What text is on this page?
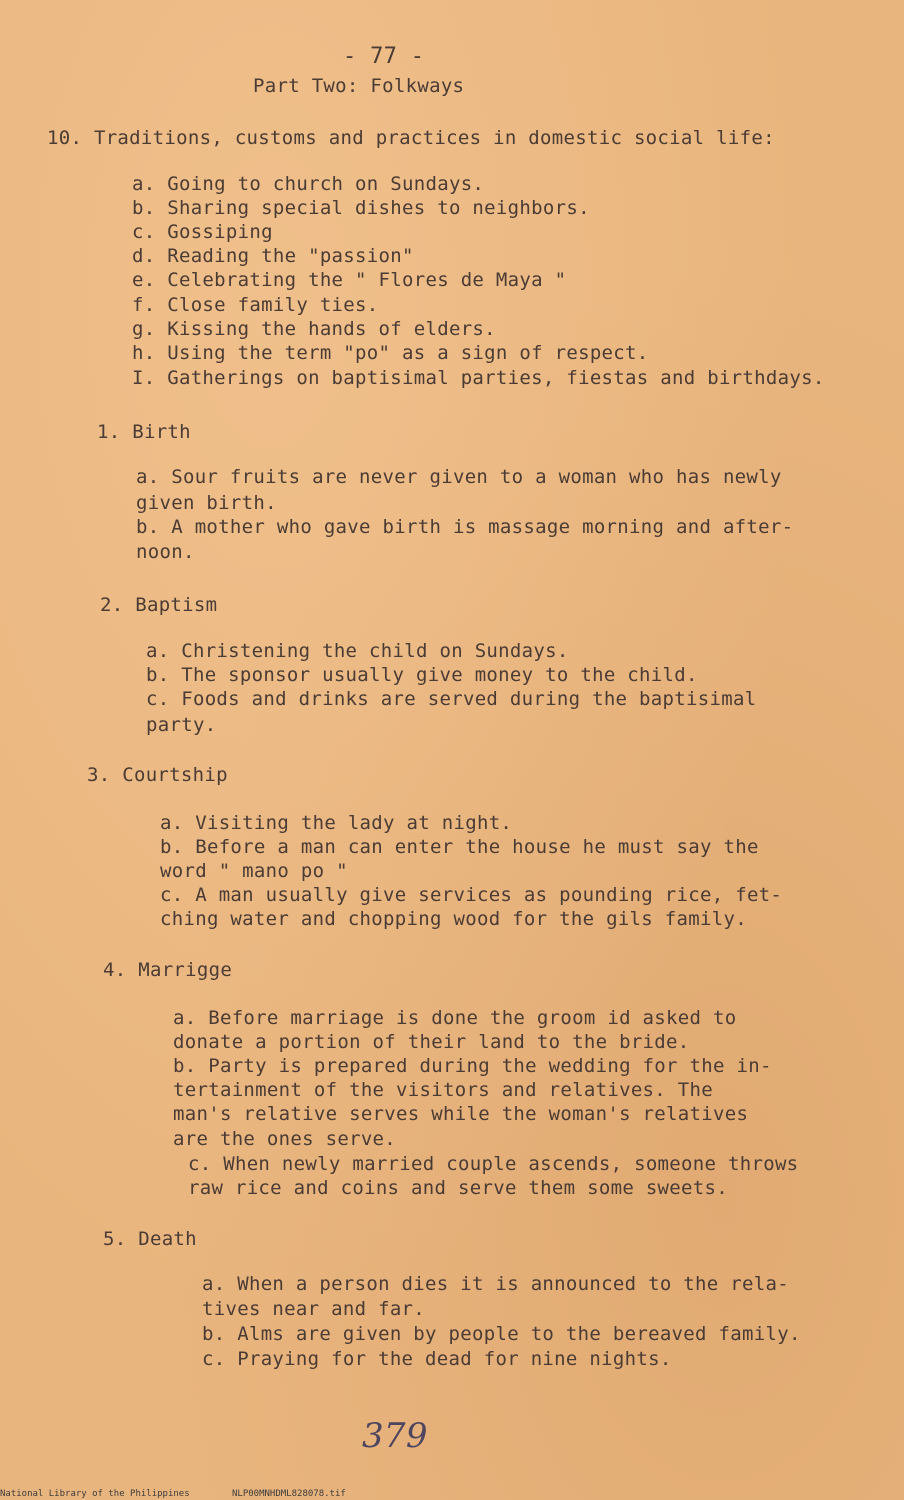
- 77 -
Part Two: Folkways
10. Traditions, customs and practices in domestic social life:
a. Going to church on Sundays.
b. Sharing special dishes to neighbors.
c. Gossiping
d. Reading the "passion"
e. Celebrating the " Flores de Maya "
f. Close family ties.
g. Kissing the hands of elders.
h. Using the term "po" as a sign of respect.
I. Gatherings on baptisimal parties, fiestas and birthdays.
1. Birth
a. Sour fruits are never given to a woman who has newly
given birth.
b. A mother who gave birth is massage morning and after-
noon.
2. Baptism
a. Christening the child on Sundays.
b. The sponsor usually give money to the child.
c. Foods and drinks are served during the baptisimal
party.
3. Courtship
a. Visiting the lady at night.
b. Before a man can enter the house he must say the
word " mano po "
c. A man usually give services as pounding rice, fet-
ching water and chopping wood for the gils family.
4. Marrigge
a. Before marriage is done the groom id asked to
donate a portion of their land to the bride.
b. Party is prepared during the wedding for the in-
tertainment of the visitors and relatives. The
man's relative serves while the woman's relatives
are the ones serve.
c. When newly married couple ascends, someone throws
raw rice and coins and serve them some sweets.
5. Death
a. When a person dies it is announced to the rela-
tives near and far.
b. Alms are given by people to the bereaved family.
c. Praying for the dead for nine nights.
379
National Library of the Philippines	NLP00MNHDML828078.tif
